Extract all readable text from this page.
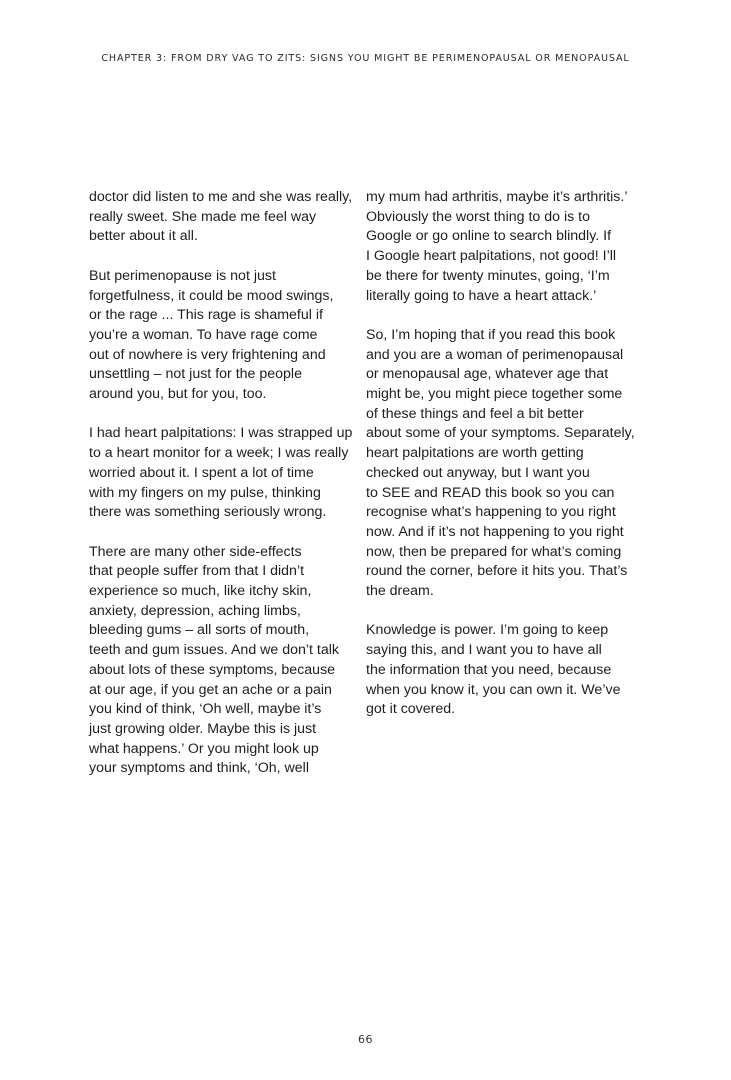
CHAPTER 3: FROM DRY VAG TO ZITS: SIGNS YOU MIGHT BE PERIMENOPAUSAL OR MENOPAUSAL

doctor did listen to me and she was really,
really sweet. She made me feel way
better about it all.

But perimenopause is not just
forgetfulness, it could be mood swings,
or the rage ... This rage is shameful if
you’re a woman. To have rage come
out of nowhere is very frightening and
unsettling – not just for the people
around you, but for you, too.

I had heart palpitations: I was strapped up
to a heart monitor for a week; I was really
worried about it. I spent a lot of time
with my fingers on my pulse, thinking
there was something seriously wrong.

There are many other side-effects
that people suffer from that I didn’t
experience so much, like itchy skin,
anxiety, depression, aching limbs,
bleeding gums – all sorts of mouth,
teeth and gum issues. And we don’t talk
about lots of these symptoms, because
at our age, if you get an ache or a pain
you kind of think, ‘Oh well, maybe it’s
just growing older. Maybe this is just
what happens.’ Or you might look up
your symptoms and think, ‘Oh, well

my mum had arthritis, maybe it’s arthritis.’
Obviously the worst thing to do is to
Google or go online to search blindly. If
I Google heart palpitations, not good! I’ll
be there for twenty minutes, going, ‘I’m
literally going to have a heart attack.’

So, I’m hoping that if you read this book
and you are a woman of perimenopausal
or menopausal age, whatever age that
might be, you might piece together some
of these things and feel a bit better
about some of your symptoms. Separately,
heart palpitations are worth getting
checked out anyway, but I want you
to SEE and READ this book so you can
recognise what’s happening to you right
now. And if it’s not happening to you right
now, then be prepared for what’s coming
round the corner, before it hits you. That’s
the dream.

Knowledge is power. I’m going to keep
saying this, and I want you to have all
the information that you need, because
when you know it, you can own it. We’ve
got it covered.

66
